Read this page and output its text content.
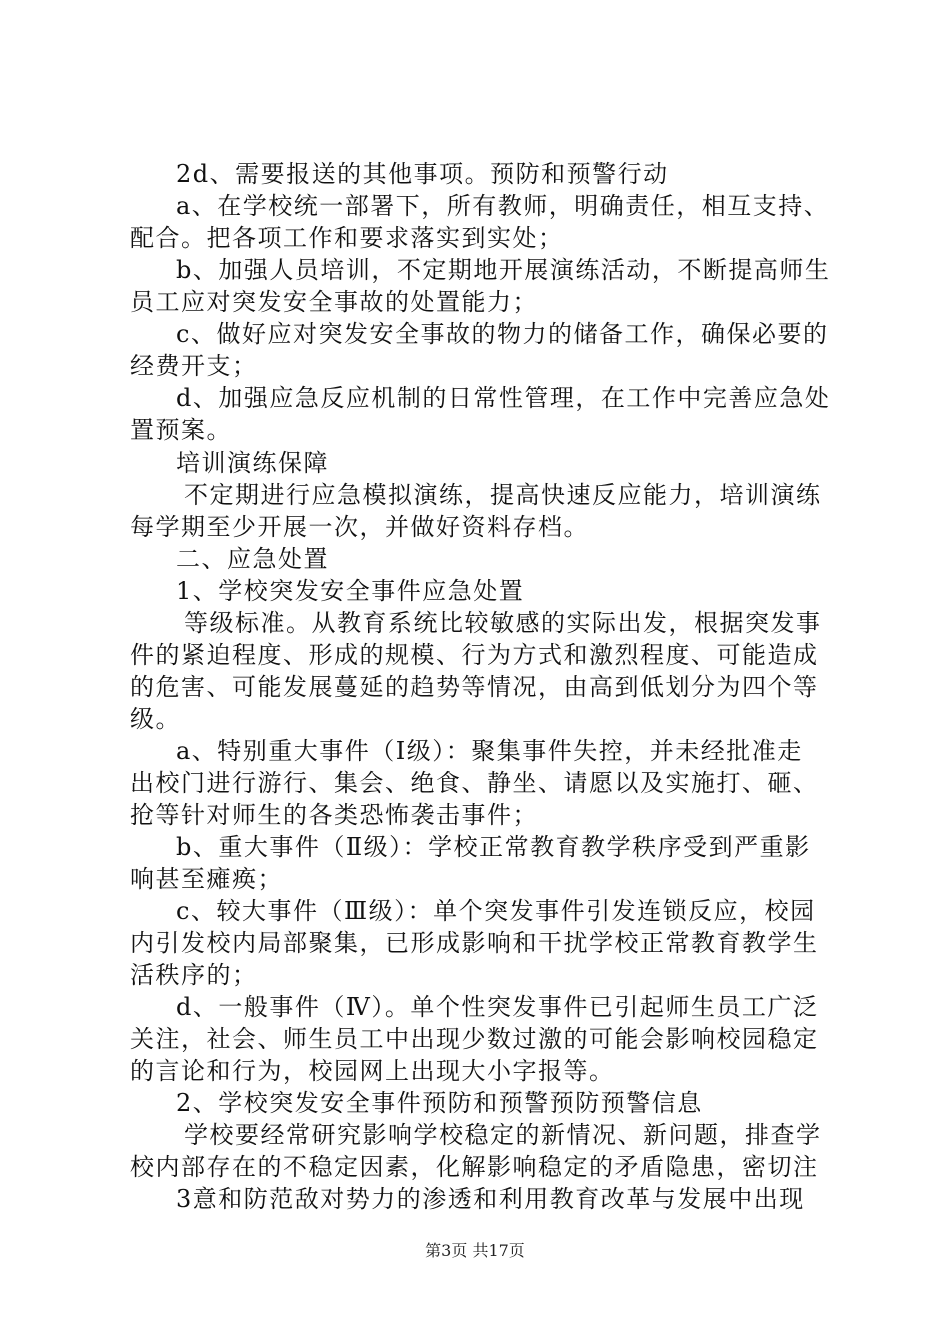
2d、需要报送的其他事项。预防和预警行动
a、在学校统一部署下，所有教师，明确责任，相互支持、
配合。把各项工作和要求落实到实处；
b、加强人员培训，不定期地开展演练活动，不断提高师生
员工应对突发安全事故的处置能力；
c、做好应对突发安全事故的物力的储备工作，确保必要的
经费开支；
d、加强应急反应机制的日常性管理，在工作中完善应急处
置预案。
培训演练保障
不定期进行应急模拟演练，提高快速反应能力，培训演练
每学期至少开展一次，并做好资料存档。
二、应急处置
1、学校突发安全事件应急处置
等级标准。从教育系统比较敏感的实际出发，根据突发事
件的紧迫程度、形成的规模、行为方式和激烈程度、可能造成
的危害、可能发展蔓延的趋势等情况，由高到低划分为四个等
级。
a、特别重大事件（Ⅰ级）：聚集事件失控，并未经批准走
出校门进行游行、集会、绝食、静坐、请愿以及实施打、砸、
抢等针对师生的各类恐怖袭击事件；
b、重大事件（Ⅱ级）：学校正常教育教学秩序受到严重影
响甚至瘫痪；
c、较大事件（Ⅲ级）：单个突发事件引发连锁反应，校园
内引发校内局部聚集，已形成影响和干扰学校正常教育教学生
活秩序的；
d、一般事件（Ⅳ）。单个性突发事件已引起师生员工广泛
关注，社会、师生员工中出现少数过激的可能会影响校园稳定
的言论和行为，校园网上出现大小字报等。
2、学校突发安全事件预防和预警预防预警信息
学校要经常研究影响学校稳定的新情况、新问题，排查学
校内部存在的不稳定因素，化解影响稳定的矛盾隐患，密切注
3意和防范敌对势力的渗透和利用教育改革与发展中出现
第3页 共17页
